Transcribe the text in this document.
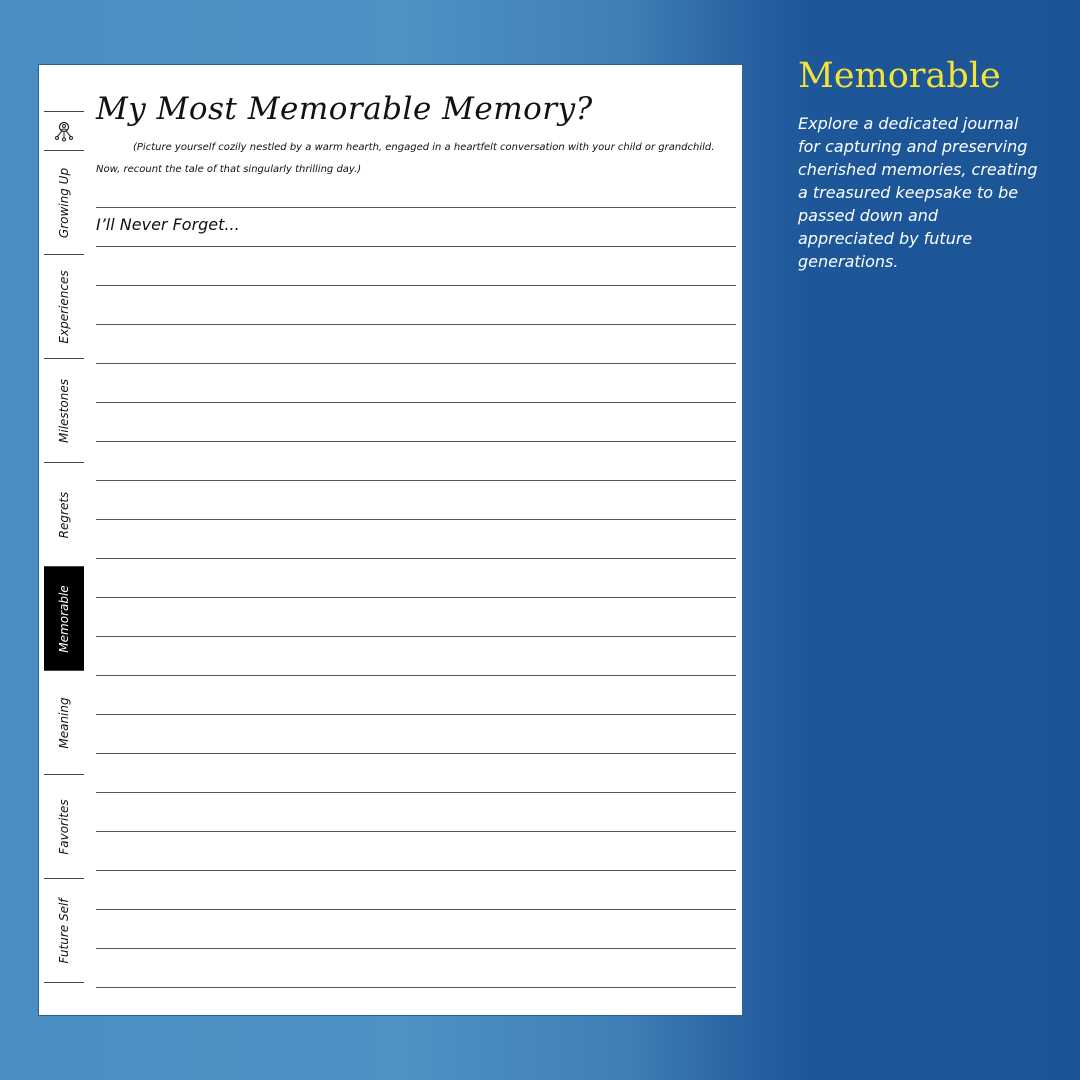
Growing Up
Experiences
Milestones
Regrets
Memorable
Meaning
Favorites
Future Self
My Most Memorable Memory?
(Picture yourself cozily nestled by a warm hearth, engaged in a heartfelt conversation with your child or grandchild.
Now, recount the tale of that singularly thrilling day.)
I’ll Never Forget...
Memorable
Explore a dedicated journal for capturing and preserving cherished memories, creating a treasured keepsake to be passed down and appreciated by future generations.
